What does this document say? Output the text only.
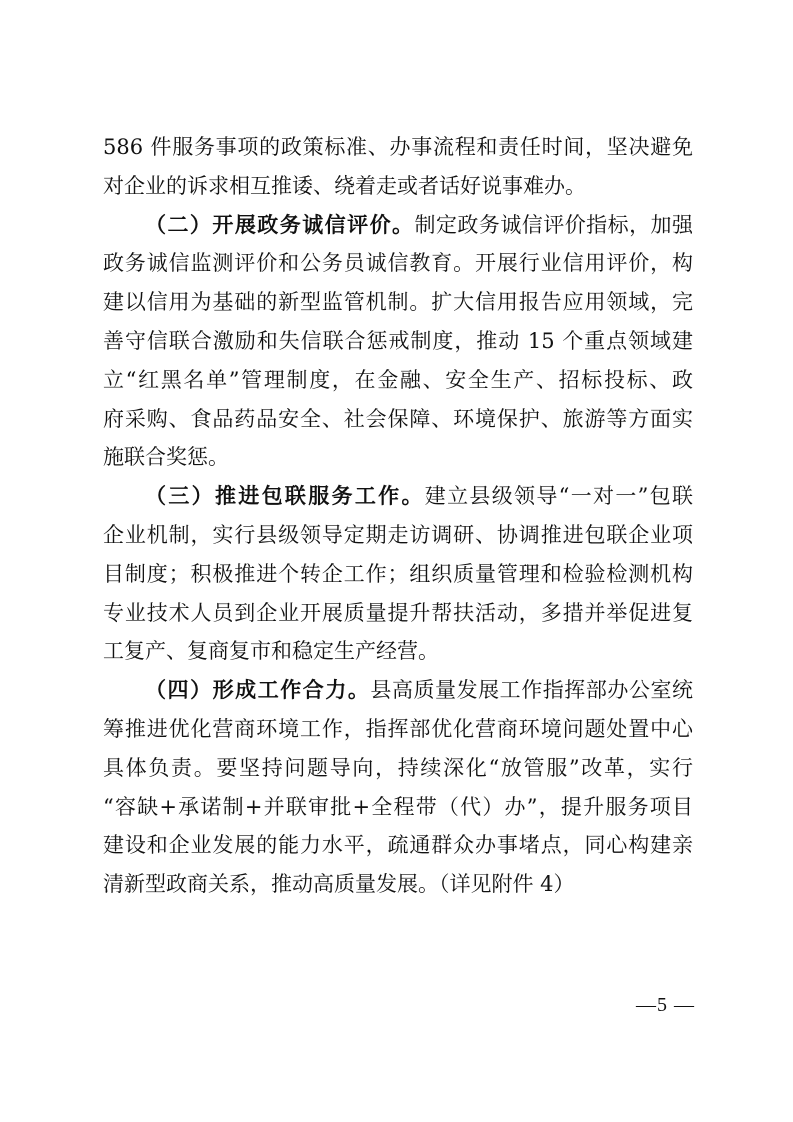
586 件服务事项的政策标准、办事流程和责任时间，坚决避免
对企业的诉求相互推诿、绕着走或者话好说事难办。
（二）开展政务诚信评价。制定政务诚信评价指标，加强
政务诚信监测评价和公务员诚信教育。开展行业信用评价，构
建以信用为基础的新型监管机制。扩大信用报告应用领域，完
善守信联合激励和失信联合惩戒制度，推动 15 个重点领域建
立“红黑名单”管理制度，在金融、安全生产、招标投标、政
府采购、食品药品安全、社会保障、环境保护、旅游等方面实
施联合奖惩。
（三）推进包联服务工作。建立县级领导“一对一”包联
企业机制，实行县级领导定期走访调研、协调推进包联企业项
目制度；积极推进个转企工作；组织质量管理和检验检测机构
专业技术人员到企业开展质量提升帮扶活动，多措并举促进复
工复产、复商复市和稳定生产经营。
（四）形成工作合力。县高质量发展工作指挥部办公室统
筹推进优化营商环境工作，指挥部优化营商环境问题处置中心
具体负责。要坚持问题导向，持续深化“放管服”改革，实行
“容缺+承诺制+并联审批+全程带（代）办”，提升服务项目
建设和企业发展的能力水平，疏通群众办事堵点，同心构建亲
清新型政商关系，推动高质量发展。（详见附件 4）
—5 —
